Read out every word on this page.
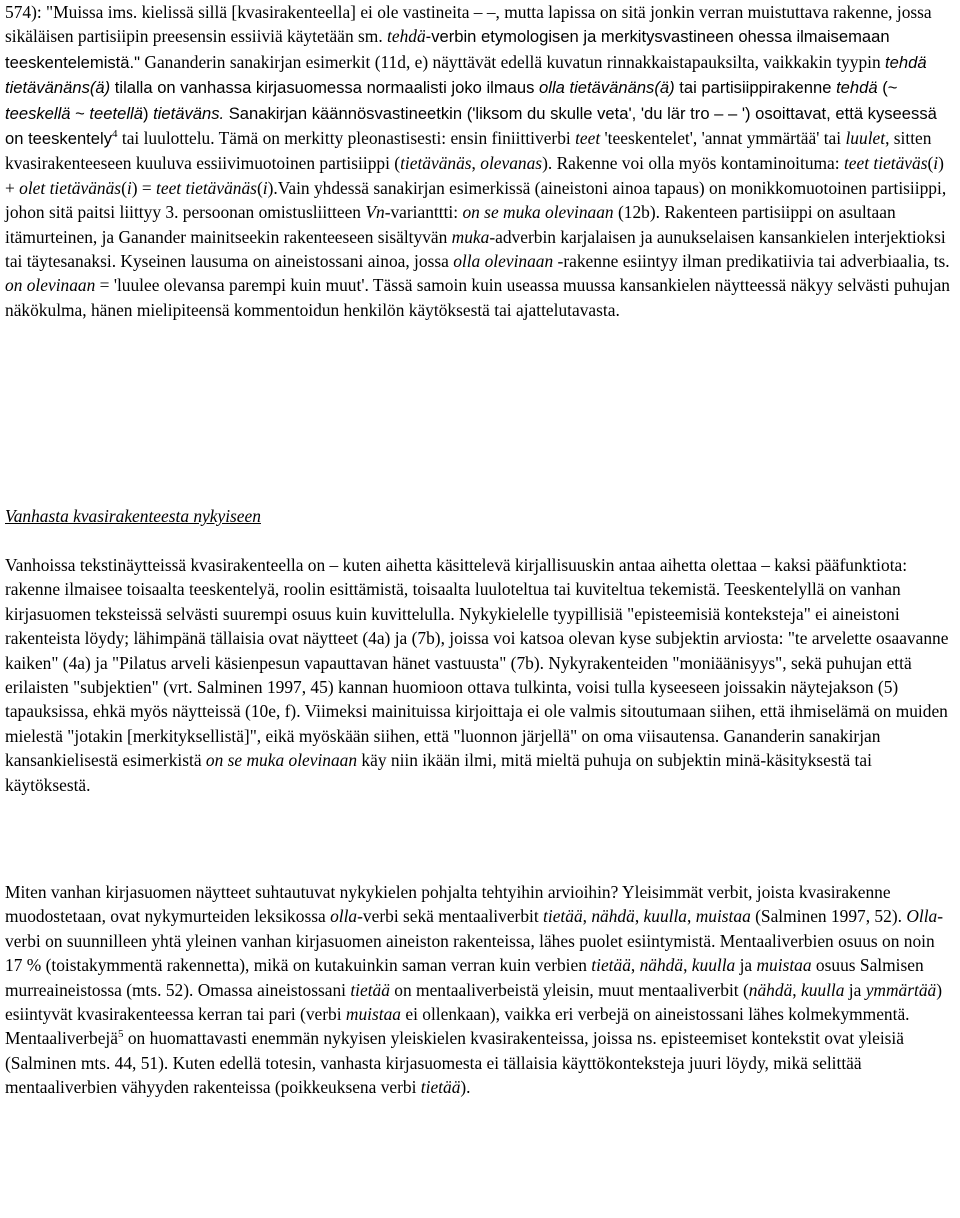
574): "Muissa ims. kielissä sillä [kvasirakenteella] ei ole vastineita – –, mutta lapissa on sitä jonkin verran muistuttava rakenne, jossa sikäläisen partisiipin preesensin essiiviä käytetään sm. tehdä-verbin etymologisen ja merkitysvastineen ohessa ilmaisemaan teeskentelemistä." Gananderin sanakirjan esimerkit (11d, e) näyttävät edellä kuvatun rinnakkaistapauksilta, vaikkakin tyypin tehdä tietävänäns(ä) tilalla on vanhassa kirjasuomessa normaalisti joko ilmaus olla tietävänäns(ä) tai partisiippirakenne tehdä (~ teeskellä ~ teetellä) tietäväns. Sanakirjan käännösvastineetkin ('liksom du skulle veta', 'du lär tro – – ') osoittavat, että kyseessä on teeskentely$^4$ tai luulottelu. Tämä on merkitty pleonastisesti: ensin finiittiverbi teet 'teeskentelet', 'annat ymmärtää' tai luulet, sitten kvasirakenteeseen kuuluva essiivimuotoinen partisiippi (tietävänäs, olevanas). Rakenne voi olla myös kontaminoituma: teet tietäväs(i) + olet tietävänäs(i) = teet tietävänäs(i).Vain yhdessä sanakirjan esimerkissä (aineistoni ainoa tapaus) on monikkomuotoinen partisiippi, johon sitä paitsi liittyy 3. persoonan omistusliitteen Vn-varianttti: on se muka olevinaan (12b). Rakenteen partisiippi on asultaan itämurteinen, ja Ganander mainitseekin rakenteeseen sisältyvän muka-adverbin karjalaisen ja aunukselaisen kansankielen interjektioksi tai täytesanaksi. Kyseinen lausuma on aineistossani ainoa, jossa olla olevinaan -rakenne esiintyy ilman predikatiivia tai adverbiaalia, ts. on olevinaan = 'luulee olevansa parempi kuin muut'. Tässä samoin kuin useassa muussa kansankielen näytteessä näkyy selvästi puhujan näkökulma, hänen mielipiteensä kommentoidun henkilön käytöksestä tai ajattelutavasta.

Vanhasta kvasirakenteesta nykyiseen

Vanhoissa tekstinäytteissä kvasirakenteella on – kuten aihetta käsittelevä kirjallisuuskin antaa aihetta olettaa – kaksi pääfunktiota: rakenne ilmaisee toisaalta teeskentelyä, roolin esittämistä, toisaalta luuloteltua tai kuviteltua tekemistä. Teeskentelyllä on vanhan kirjasuomen teksteissä selvästi suurempi osuus kuin kuvittelulla. Nykykielelle tyypillisiä "episteemisiä konteksteja" ei aineistoni rakenteista löydy; lähimpänä tällaisia ovat näytteet (4a) ja (7b), joissa voi katsoa olevan kyse subjektin arviosta: "te arvelette osaavanne kaiken" (4a) ja "Pilatus arveli käsienpesun vapauttavan hänet vastuusta" (7b). Nykyrakenteiden "moniäänisyys", sekä puhujan että erilaisten "subjektien" (vrt. Salminen 1997, 45) kannan huomioon ottava tulkinta, voisi tulla kyseeseen joissakin näytejakson (5) tapauksissa, ehkä myös näytteissä (10e, f). Viimeksi mainituissa kirjoittaja ei ole valmis sitoutumaan siihen, että ihmiselämä on muiden mielestä "jotakin [merkityksellistä]", eikä myöskään siihen, että "luonnon järjellä" on oma viisautensa. Gananderin sanakirjan kansankielisestä esimerkistä on se muka olevinaan käy niin ikään ilmi, mitä mieltä puhuja on subjektin minä-käsityksestä tai käytöksestä.

Miten vanhan kirjasuomen näytteet suhtautuvat nykykielen pohjalta tehtyihin arvioihin? Yleisimmät verbit, joista kvasirakenne muodostetaan, ovat nykymurteiden leksikossa olla-verbi sekä mentaaliverbit tietää, nähdä, kuulla, muistaa (Salminen 1997, 52). Olla-verbi on suunnilleen yhtä yleinen vanhan kirjasuomen aineiston rakenteissa, lähes puolet esiintymistä. Mentaaliverbien osuus on noin 17 % (toistakymmentä rakennetta), mikä on kutakuinkin saman verran kuin verbien tietää, nähdä, kuulla ja muistaa osuus Salmisen murreaineistossa (mts. 52). Omassa aineistossani tietää on mentaaliverbeistä yleisin, muut mentaaliverbit (nähdä, kuulla ja ymmärtää) esiintyvät kvasirakenteessa kerran tai pari (verbi muistaa ei ollenkaan), vaikka eri verbejä on aineistossani lähes kolmekymmentä. Mentaaliverbejä$^5$ on huomattavasti enemmän nykyisen yleiskielen kvasirakenteissa, joissa ns. episteemiset kontekstit ovat yleisiä (Salminen mts. 44, 51). Kuten edellä totesin, vanhasta kirjasuomesta ei tällaisia käyttökonteksteja juuri löydy, mikä selittää mentaaliverbien vähyyden rakenteissa (poikkeuksena verbi tietää).
